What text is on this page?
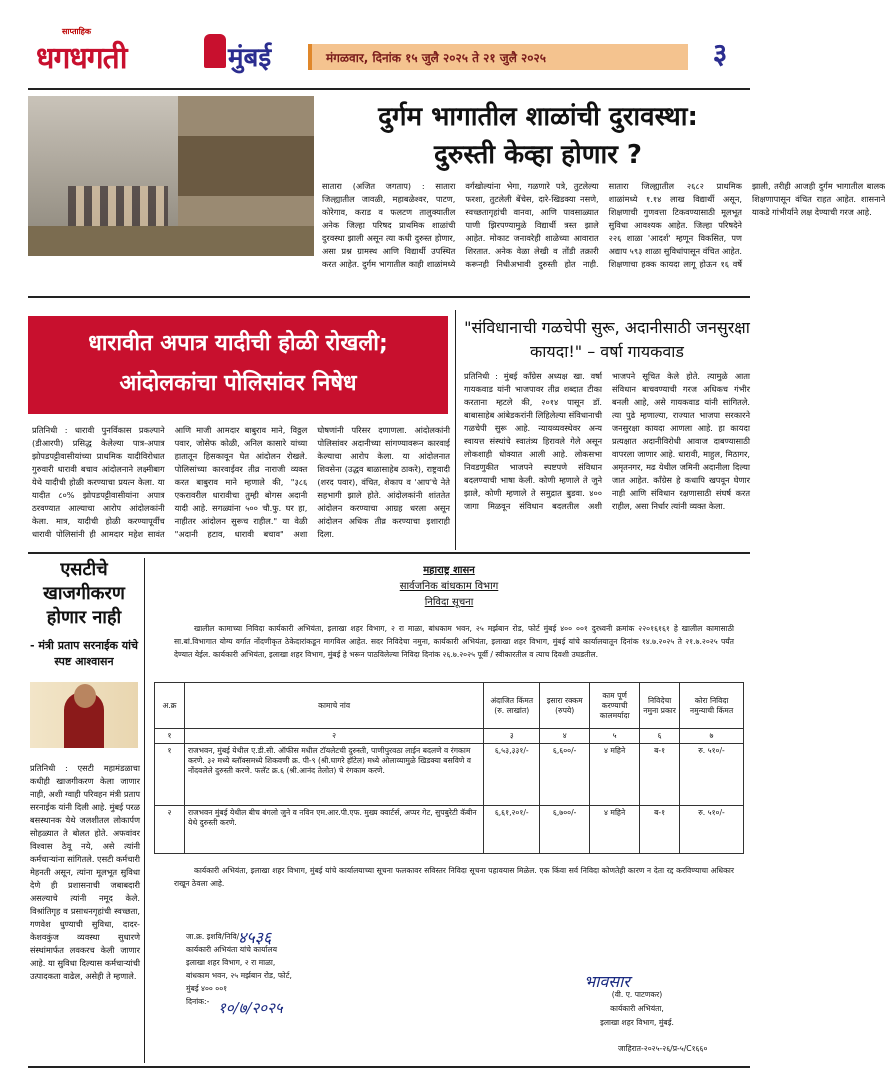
साप्ताहिक
धगधगती	मुंबई	मंगळवार, दिनांक १५ जुलै २०२५ ते २१ जुलै २०२५	३
दुर्गम भागातील शाळांची दुरावस्था:
दुरुस्ती केव्हा होणार ?
सातारा (अजित जगताप) : सातारा जिल्ह्यातील जावळी, महाबळेश्वर, पाटण, कोरेगाव, कराड व फलटण तालुक्यातील अनेक जिल्हा परिषद प्राथमिक शाळांची दुरवस्था झाली असून त्या कधी दुरुस्त होणार, असा प्रश्न ग्रामस्थ आणि विद्यार्थी उपस्थित करत आहेत. दुर्गम भागातील काही शाळांमध्ये वर्गखोल्यांना भेगा, गळणारे पत्रे, तुटलेल्या फरशा, तुटलेली बेंचेस, दारे-खिडक्या नसणे, स्वच्छतागृहांची वानवा, आणि पावसाळ्यात पाणी झिरपण्यामुळे विद्यार्थी त्रस्त झाले आहेत. मोकाट जनावरेही शाळेच्या आवारात शिरतात. अनेक वेळा लेखी व तोंडी तक्रारी करूनही निधीअभावी दुरुस्ती होत नाही. सातारा जिल्ह्यातील २६८२ प्राथमिक शाळांमध्ये १.१४ लाख विद्यार्थी असून, शिक्षणाची गुणवत्ता टिकवण्यासाठी मूलभूत सुविधा आवश्यक आहेत. जिल्हा परिषदेने २२६ शाळा 'आदर्श' म्हणून विकसित, पण अद्याप ५९३ शाळा सुविधांपासून वंचित आहेत. शिक्षणाचा हक्क कायदा लागू होऊन १६ वर्षे झाली, तरीही आजही दुर्गम भागातील बालक शिक्षणापासून वंचित राहत आहेत. शासनाने याकडे गांभीर्याने लक्ष देण्याची गरज आहे.
धारावीत अपात्र यादीची होळी रोखली;
आंदोलकांचा पोलिसांवर निषेध
प्रतिनिधी : धारावी पुनर्विकास प्रकल्पाने (डीआरपी) प्रसिद्ध केलेल्या पात्र-अपात्र झोपडपट्टीवासीयांच्या प्राथमिक यादीविरोधात गुरुवारी धारावी बचाव आंदोलनाने लक्ष्मीबाग येथे यादीची होळी करण्याचा प्रयत्न केला. या यादीत ८०% झोपडपट्टीवासीयांना अपात्र ठरवण्यात आल्याचा आरोप आंदोलकांनी केला. मात्र, यादीची होळी करण्यापूर्वीच धारावी पोलिसांनी ही आमदार महेश सावंत आणि माजी आमदार बाबुराव माने, विठ्ठल पवार, जोसेफ कोळी, अनिल कासारे यांच्या हातातून हिसकावून घेत आंदोलन रोखले. पोलिसांच्या कारवाईवर तीव्र नाराजी व्यक्त करत बाबुराव माने म्हणाले की, "३८६ एकरावरील धारावीचा तुम्ही बोगस अदानी यादी आहे. सगळ्यांना ५०० चौ.फु. घर हा, नाहीतर आंदोलन सुरूच राहील." या वेळी "अदानी हटाव, धारावी बचाव" अशा घोषणांनी परिसर दणाणला. आंदोलकांनी पोलिसांवर अदानीच्या सांगण्यावरून कारवाई केल्याचा आरोप केला. या आंदोलनात शिवसेना (उद्धव बाळासाहेब ठाकरे), राष्ट्रवादी (शरद पवार), वंचित, शेकाप व 'आप'चे नेते सहभागी झाले होते. आंदोलकांनी शांततेत आंदोलन करण्याचा आग्रह धरला असून आंदोलन अधिक तीव्र करण्याचा इशाराही दिला.
"संविधानाची गळचेपी सुरू, अदानीसाठी जनसुरक्षा कायदा!" – वर्षा गायकवाड
प्रतिनिधी : मुंबई काँग्रेस अध्यक्ष खा. वर्षा गायकवाड यांनी भाजपावर तीव्र शब्दात टीका करताना म्हटले की, २०१४ पासून डॉ. बाबासाहेब आंबेडकरांनी लिहिलेल्या संविधानाची गळचेपी सुरू आहे. न्यायव्यवस्थेवर अन्य स्वायत्त संस्थांचे स्वातंत्र्य हिरावले गेले असून लोकशाही धोक्यात आली आहे. लोकसभा निवडणुकीत भाजपने स्पष्टपणे संविधान बदलण्याची भाषा केली. कोणी म्हणाले ते जुने झाले, कोणी म्हणाले ते समुद्रात बुडवा. ४०० जागा मिळवून संविधान बदलतील अशी भाजपने सूचित केले होते. त्यामुळे आता संविधान बाचवण्याची गरज अधिकच गंभीर बनली आहे, असे गायकवाड यांनी सांगितले. त्या पुढे म्हणाल्या, राज्यात भाजपा सरकारने जनसुरक्षा कायदा आणला आहे. हा कायदा प्रत्यक्षात अदानीविरोधी आवाज दाबण्यासाठी वापरला जाणार आहे. धारावी, माहुल, मिठागर, अमृतनगर, मढ येथील जमिनी अदानीला दिल्या जात आहेत. काँग्रेस हे कधापि खपवून घेणार नाही आणि संविधान रक्षणासाठी संघर्ष करत राहील, असा निर्धार त्यांनी व्यक्त केला.
एसटीचे खाजगीकरण होणार नाही
- मंत्री प्रताप सरनाईक यांचे स्पष्ट आश्वासन
प्रतिनिधी : एसटी महामंडळाचा कधीही खाजगीकरण केला जाणार नाही, अशी ग्वाही परिवहन मंत्री प्रताप सरनाईक यांनी दिली आहे. मुंबई परळ बसस्थानक येथे जलशीतल लोकार्पण सोहळ्यात ते बोलत होते. अफवांवर विश्वास ठेवू नये, असे त्यांनी कर्मचाऱ्यांना सांगितले. एसटी कर्मचारी मेहनती असून, त्यांना मूलभूत सुविधा देणे ही प्रशासनाची जबाबदारी असल्याचे त्यांनी नमूद केले. विश्रांतिगृह व प्रसाधनगृहांची स्वच्छता, गणवेश धुण्याची सुविधा, दादर-केशवकुंज व्यवस्था सुधारणे संस्थांमार्फत लवकरच केली जाणार आहे. या सुविधा दिल्यास कर्मचाऱ्यांची उत्पादकता वाढेल, असेही ते म्हणाले.
महाराष्ट्र शासन
सार्वजनिक बांधकाम विभाग
निविदा सूचना
खालील कामाच्या निविदा कार्यकारी अभियंता, इलाखा शहर विभाग, २ रा माळा, बांधकाम भवन, २५ मर्झबान रोड, फोर्ट मुंबई ४०० ००१ दुरध्वनी क्रमांक २२०१६१६१ हे खालील कामासाठी सा.बां.विभागात योग्य वर्गात नोंदणीकृत ठेकेदारांकडून मागविल आहेत. सदर निविदेचा नमुना, कार्यकारी अभियंता, इलाखा शहर विभाग, मुंबई यांचे कार्यालयातून दिनांक १४.७.२०२५ ते २१.७.२०२५ पर्यंत देण्यात येईल. कार्यकारी अभियंता, इलाखा शहर विभाग, मुंबई हे भरून पाठविलेल्या निविदा दिनांक २६.७.२०२५ पूर्वी / स्वीकारतील व त्याच दिवशी उघडतील.
अ.क्र	कामाचे नांव	अंदाजित किंमत (रु. लाखांत)	इसारा रक्कम (रुपये)	काम पूर्ण करण्याची कालमर्यादा	निविदेचा नमुना प्रकार	कोरा निविदा नमुन्याची किंमत
१	२	३	४	५	६	७
१	राजभवन, मुंबई येथील ए.डी.सी. ऑफीस मधील टॉयलेटची दुरुस्ती, पाणीपुरवठा लाईन बदलणे व रंगकाम करणे. ३२ मध्ये ब्लॉक्समध्ये शिकवणी क्र. पी-९ (श्री.घागरे हॉटेल) मध्ये ओलाव्यामुळे खिडक्या बसविणे व नोंदवलेले दुरुस्ती करणे. फलॅट क्र.६ (श्री.आनंद तेलोत) चे रंगकाम करणे.	६,५३,३३१/-	६,६००/-	४ महिने	ब-१	रु. ५१०/-
२	राजभवन मुंबई येथील बीच बंगलो जुने व नविन एम.आर.पी.एफ. मुख्य क्वार्टर्स, अप्पर गेट, सुपबुरेटी कॅबीन येथे दुरुस्ती करणे.	६,६१,२०१/-	६,७००/-	४ महिने	ब-१	रु. ५१०/-
कार्यकारी अभियंता, इलाखा शहर विभाग, मुंबई यांचे कार्यालयाच्या सूचना फलकावर सविस्तर निविदा सूचना पहावयास मिळेल. एक किंवा सर्व निविदा कोणतेही कारण न देता रद्द करविण्याचा अधिकार राखून ठेवला आहे.
जा.क्र. इशवि/निवि/
कार्यकारी अभियंता यांचे कार्यालय
इलाखा शहर विभाग, २ रा माळा,
बांधकाम भवन, २५ मर्झबान रोड, फोर्ट,
मुंबई ४०० ००१
दिनांक:-
४५३६
१०/७/२०२५
भावसार
(वी. ए. पाटणकर)
कार्यकारी अभियंता,
इलाखा शहर विभाग, मुंबई.
जाहिरात-२०२५-२६/प्र-५/C१६६०
